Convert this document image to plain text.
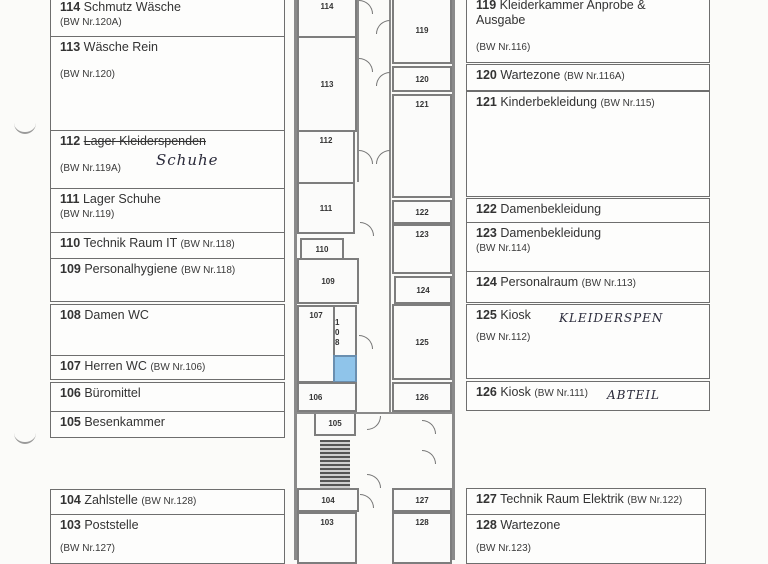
114 Schmutz Wäsche
(BW Nr.120A)
113 Wäsche Rein
(BW Nr.120)
112 Lager Kleiderspenden
(BW Nr.119A)	Schuhe
111 Lager Schuhe
(BW Nr.119)
110 Technik Raum IT (BW Nr.118)
109 Personalhygiene (BW Nr.118)
108 Damen WC
107 Herren WC (BW Nr.106)
106 Büromittel
105 Besenkammer
104 Zahlstelle (BW Nr.128)
103 Poststelle
(BW Nr.127)
119 Kleiderkammer Anprobe &
Ausgabe
(BW Nr.116)
120 Wartezone (BW Nr.116A)
121 Kinderbekleidung (BW Nr.115)
122 Damenbekleidung
123 Damenbekleidung
(BW Nr.114)
124 Personalraum (BW Nr.113)
125 Kiosk
(BW Nr.112)
KLEIDERSPEN
126 Kiosk (BW Nr.111) ABTEIL
127 Technik Raum Elektrik (BW Nr.122)
128 Wartezone
(BW Nr.123)
114
113
112
111
110
109
107
1
0
8
106
105
104
103
119
120
121
122
123
124
125
126
127
128
